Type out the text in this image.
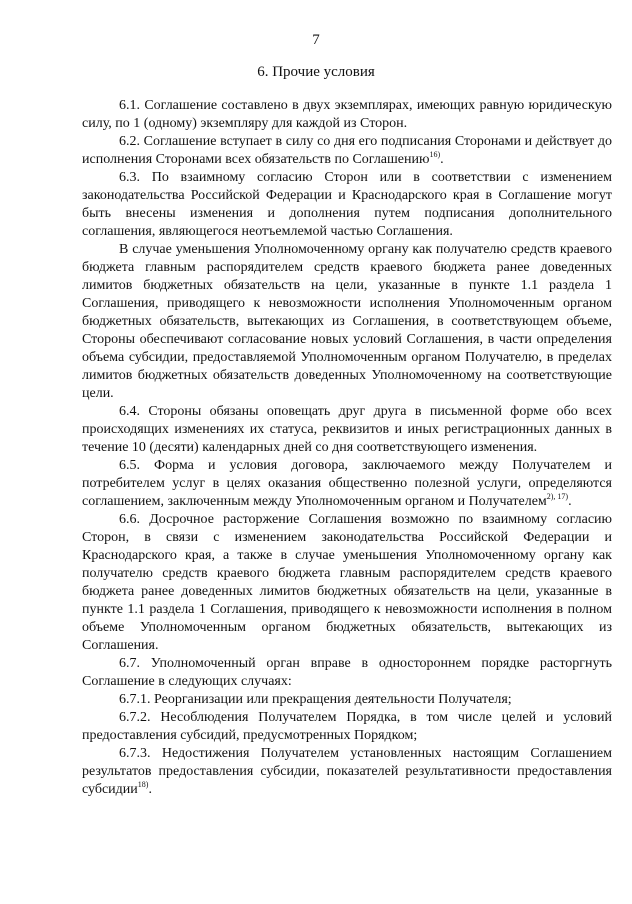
7
6. Прочие условия

6.1. Соглашение составлено в двух экземплярах, имеющих равную юридическую силу, по 1 (одному) экземпляру для каждой из Сторон.

6.2. Соглашение вступает в силу со дня его подписания Сторонами и действует до исполнения Сторонами всех обязательств по Соглашению$^{16)}$.

6.3. По взаимному согласию Сторон или в соответствии с изменением законодательства Российской Федерации и Краснодарского края в Соглашение могут быть внесены изменения и дополнения путем подписания дополнительного соглашения, являющегося неотъемлемой частью Соглашения.

В случае уменьшения Уполномоченному органу как получателю средств краевого бюджета главным распорядителем средств краевого бюджета ранее доведенных лимитов бюджетных обязательств на цели, указанные в пункте 1.1 раздела 1 Соглашения, приводящего к невозможности исполнения Уполномоченным органом бюджетных обязательств, вытекающих из Соглашения, в соответствующем объеме, Стороны обеспечивают согласование новых условий Соглашения, в части определения объема субсидии, предоставляемой Уполномоченным органом Получателю, в пределах лимитов бюджетных обязательств доведенных Уполномоченному на соответствующие цели.

6.4. Стороны обязаны оповещать друг друга в письменной форме обо всех происходящих изменениях их статуса, реквизитов и иных регистрационных данных в течение 10 (десяти) календарных дней со дня соответствующего изменения.

6.5. Форма и условия договора, заключаемого между Получателем и потребителем услуг в целях оказания общественно полезной услуги, определяются соглашением, заключенным между Уполномоченным органом и Получателем$^{2), 17)}$.

6.6. Досрочное расторжение Соглашения возможно по взаимному согласию Сторон, в связи с изменением законодательства Российской Федерации и Краснодарского края, а также в случае уменьшения Уполномоченному органу как получателю средств краевого бюджета главным распорядителем средств краевого бюджета ранее доведенных лимитов бюджетных обязательств на цели, указанные в пункте 1.1 раздела 1 Соглашения, приводящего к невозможности исполнения в полном объеме Уполномоченным органом бюджетных обязательств, вытекающих из Соглашения.

6.7. Уполномоченный орган вправе в одностороннем порядке расторгнуть Соглашение в следующих случаях:

6.7.1. Реорганизации или прекращения деятельности Получателя;

6.7.2. Несоблюдения Получателем Порядка, в том числе целей и условий предоставления субсидий, предусмотренных Порядком;

6.7.3. Недостижения Получателем установленных настоящим Соглашением результатов предоставления субсидии, показателей результативности предоставления субсидии$^{18)}$.
